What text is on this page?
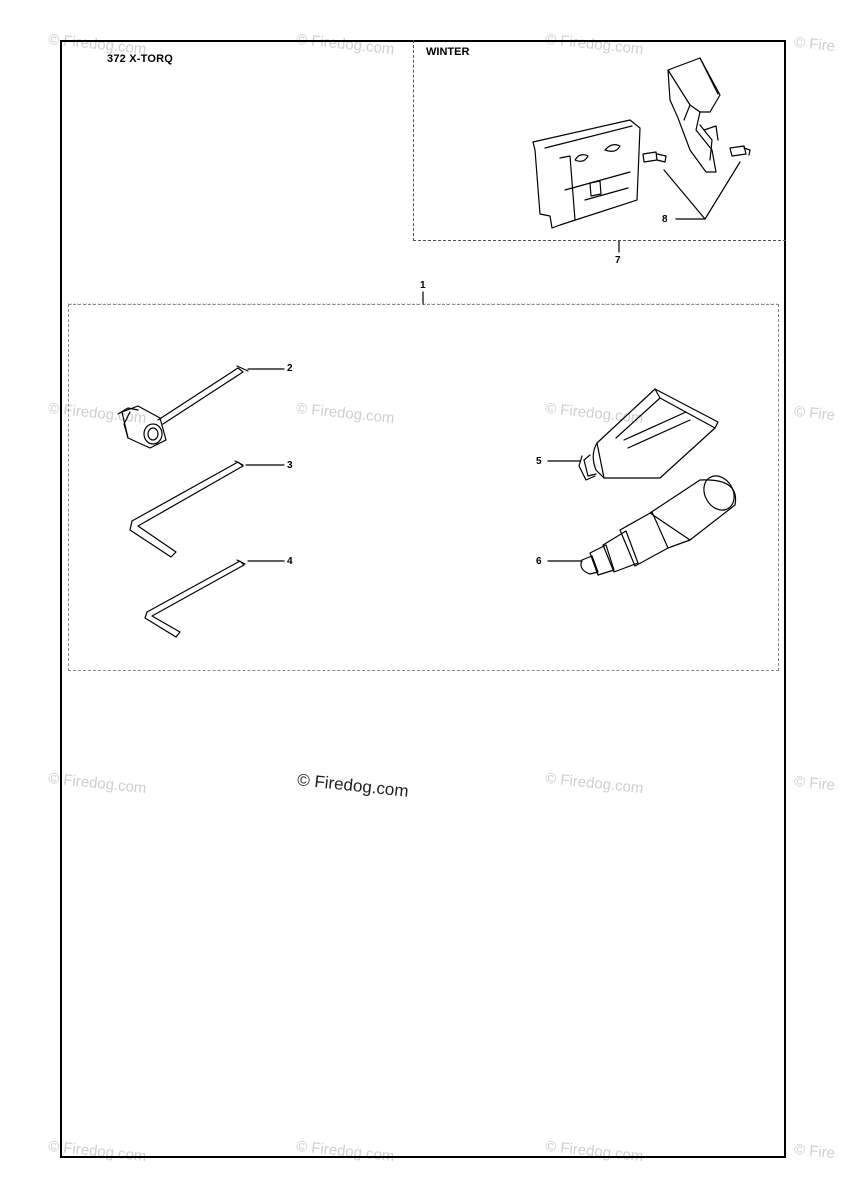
© Firedog.com	© Firedog.com	© Firedog.com	© Fire
© Firedog.com	© Firedog.com	© Firedog.com	© Fire
© Firedog.com	© Firedog.com	© Fire
© Firedog.com	© Firedog.com	© Firedog.com	© Fire
372 X-TORQ
WINTER
1
2
3
4
5
6
7
8
© Firedog.com
